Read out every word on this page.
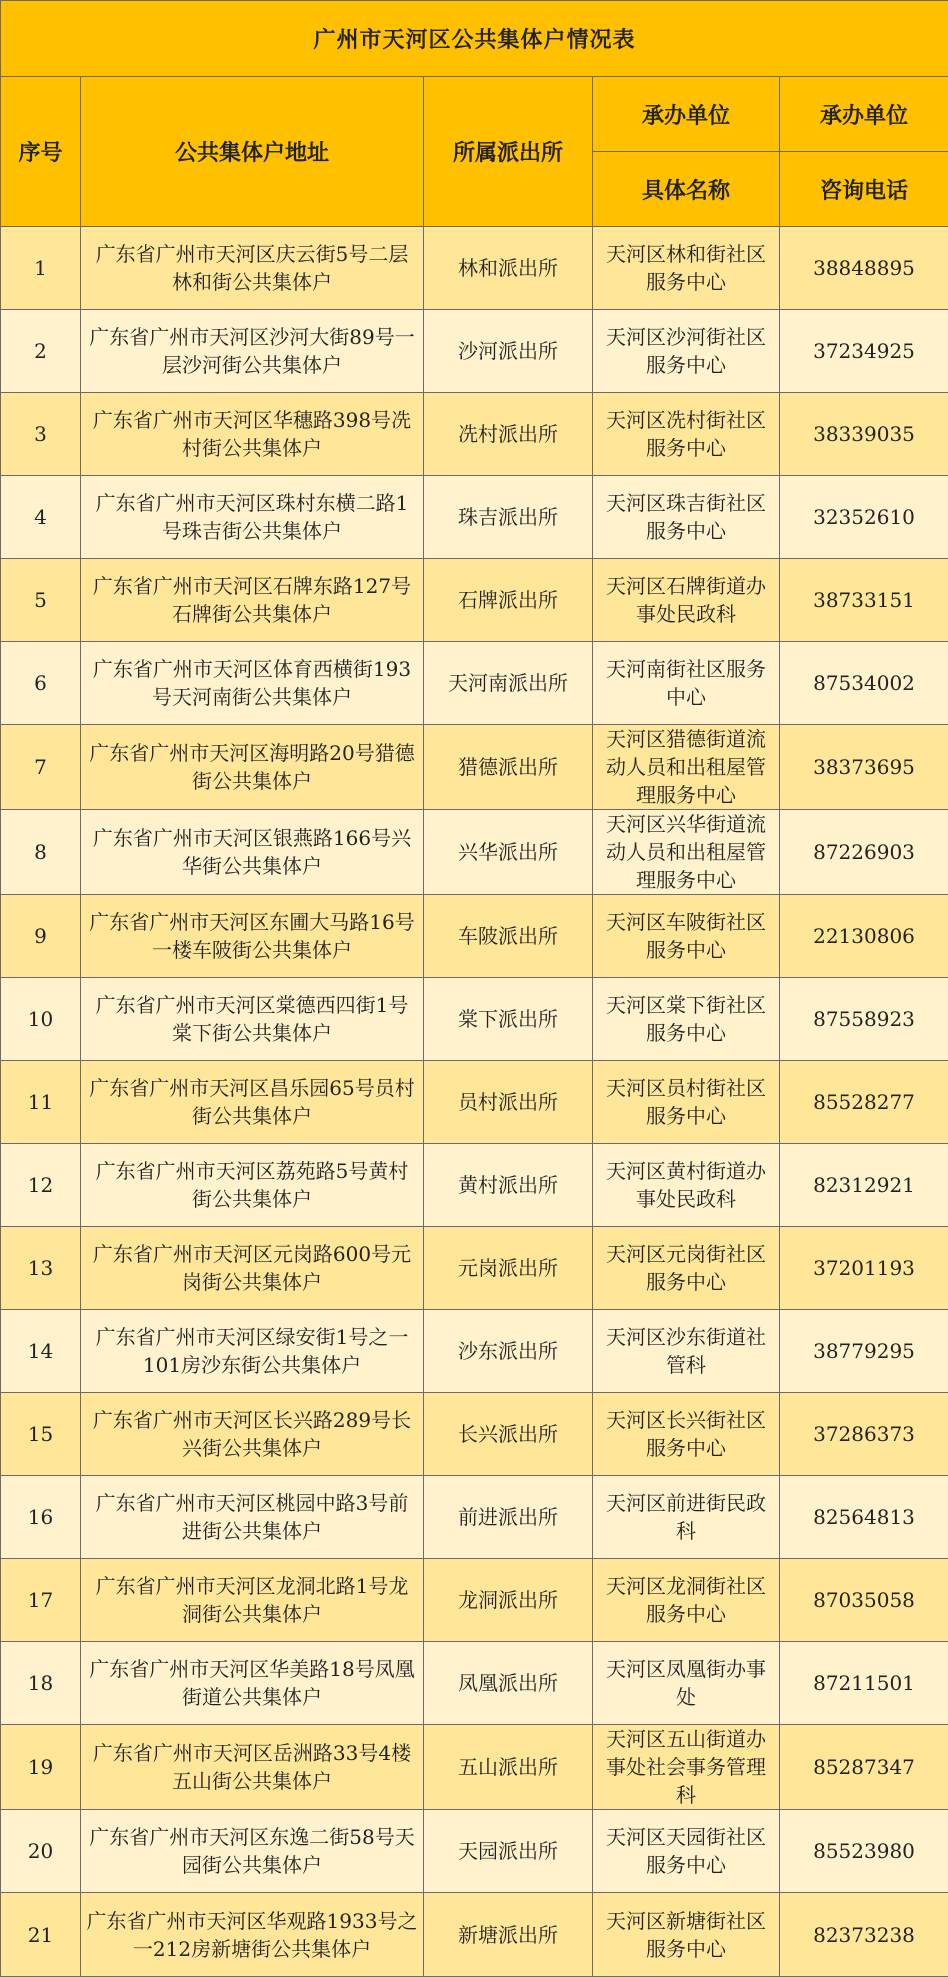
广州市天河区公共集体户情况表				
序号	公共集体户地址	所属派出所	承办单位	承办单位
			具体名称	咨询电话
1	广东省广州市天河区庆云街5号二层林和街公共集体户	林和派出所	天河区林和街社区服务中心	38848895
2	广东省广州市天河区沙河大街89号一层沙河街公共集体户	沙河派出所	天河区沙河街社区服务中心	37234925
3	广东省广州市天河区华穗路398号冼村街公共集体户	冼村派出所	天河区冼村街社区服务中心	38339035
4	广东省广州市天河区珠村东横二路1号珠吉街公共集体户	珠吉派出所	天河区珠吉街社区服务中心	32352610
5	广东省广州市天河区石牌东路127号石牌街公共集体户	石牌派出所	天河区石牌街道办事处民政科	38733151
6	广东省广州市天河区体育西横街193号天河南街公共集体户	天河南派出所	天河南街社区服务中心	87534002
7	广东省广州市天河区海明路20号猎德街公共集体户	猎德派出所	天河区猎德街道流动人员和出租屋管理服务中心	38373695
8	广东省广州市天河区银燕路166号兴华街公共集体户	兴华派出所	天河区兴华街道流动人员和出租屋管理服务中心	87226903
9	广东省广州市天河区东圃大马路16号一楼车陂街公共集体户	车陂派出所	天河区车陂街社区服务中心	22130806
10	广东省广州市天河区棠德西四街1号棠下街公共集体户	棠下派出所	天河区棠下街社区服务中心	87558923
11	广东省广州市天河区昌乐园65号员村街公共集体户	员村派出所	天河区员村街社区服务中心	85528277
12	广东省广州市天河区荔苑路5号黄村街公共集体户	黄村派出所	天河区黄村街道办事处民政科	82312921
13	广东省广州市天河区元岗路600号元岗街公共集体户	元岗派出所	天河区元岗街社区服务中心	37201193
14	广东省广州市天河区绿安街1号之一101房沙东街公共集体户	沙东派出所	天河区沙东街道社管科	38779295
15	广东省广州市天河区长兴路289号长兴街公共集体户	长兴派出所	天河区长兴街社区服务中心	37286373
16	广东省广州市天河区桃园中路3号前进街公共集体户	前进派出所	天河区前进街民政科	82564813
17	广东省广州市天河区龙洞北路1号龙洞街公共集体户	龙洞派出所	天河区龙洞街社区服务中心	87035058
18	广东省广州市天河区华美路18号凤凰街道公共集体户	凤凰派出所	天河区凤凰街办事处	87211501
19	广东省广州市天河区岳洲路33号4楼五山街公共集体户	五山派出所	天河区五山街道办事处社会事务管理科	85287347
20	广东省广州市天河区东逸二街58号天园街公共集体户	天园派出所	天河区天园街社区服务中心	85523980
21	广东省广州市天河区华观路1933号之一212房新塘街公共集体户	新塘派出所	天河区新塘街社区服务中心	82373238
